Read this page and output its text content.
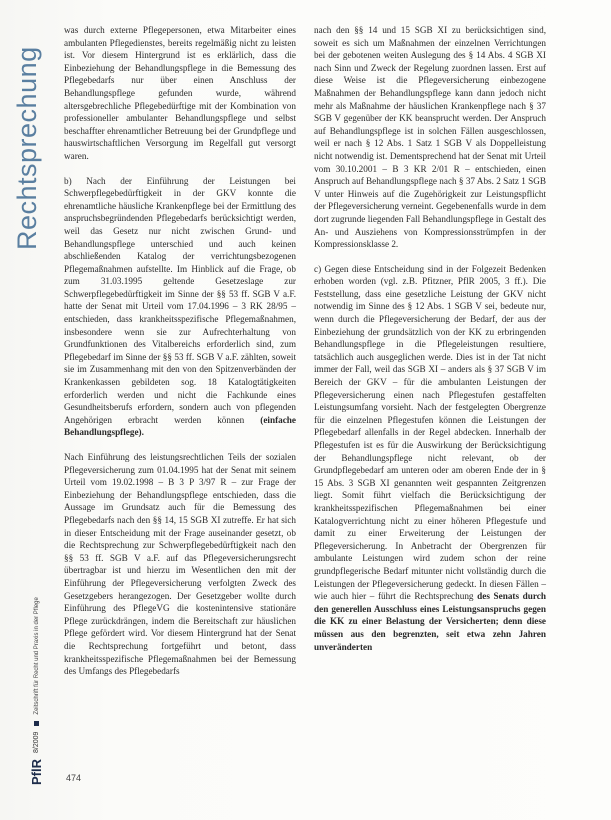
Rechtsprechung
PflR
8/2009
Zeitschrift für Recht und Praxis in der Pflege

was durch externe Pflegepersonen, etwa Mitarbeiter eines ambulanten Pflegedienstes, bereits regelmäßig nicht zu leisten ist. Vor diesem Hintergrund ist es erklärlich, dass die Einbeziehung der Behandlungspflege in die Bemessung des Pflegebedarfs nur über einen Anschluss der Behandlungspflege gefunden wurde, während altersgebrechliche Pflegebedürftige mit der Kombination von professioneller ambulanter Behandlungspflege und selbst beschaffter ehrenamtlicher Betreuung bei der Grundpflege und hauswirtschaftlichen Versorgung im Regelfall gut versorgt waren.

b) Nach der Einführung der Leistungen bei Schwerpflegebedürftigkeit in der GKV konnte die ehrenamtliche häusliche Krankenpflege bei der Ermittlung des anspruchsbegründenden Pflegebedarfs berücksichtigt werden, weil das Gesetz nur nicht zwischen Grund- und Behandlungspflege unterschied und auch keinen abschließenden Katalog der verrichtungsbezogenen Pflegemaßnahmen aufstellte. Im Hinblick auf die Frage, ob zum 31.03.1995 geltende Gesetzeslage zur Schwerpflegebedürftigkeit im Sinne der §§ 53 ff. SGB V a.F. hatte der Senat mit Urteil vom 17.04.1996 – 3 RK 28/95 – entschieden, dass krankheitsspezifische Pflegemaßnahmen, insbesondere wenn sie zur Aufrechterhaltung von Grundfunktionen des Vitalbereichs erforderlich sind, zum Pflegebedarf im Sinne der §§ 53 ff. SGB V a.F. zählten, soweit sie im Zusammenhang mit den von den Spitzenverbänden der Krankenkassen gebildeten sog. 18 Katalogtätigkeiten erforderlich werden und nicht die Fachkunde eines Gesundheitsberufs erfordern, sondern auch von pflegenden Angehörigen erbracht werden können (einfache Behandlungspflege).

Nach Einführung des leistungsrechtlichen Teils der sozialen Pflegeversicherung zum 01.04.1995 hat der Senat mit seinem Urteil vom 19.02.1998 – B 3 P 3/97 R – zur Frage der Einbeziehung der Behandlungspflege entschieden, dass die Aussage im Grundsatz auch für die Bemessung des Pflegebedarfs nach den §§ 14, 15 SGB XI zutreffe. Er hat sich in dieser Entscheidung mit der Frage auseinander gesetzt, ob die Rechtsprechung zur Schwerpflegebedürftigkeit nach den §§ 53 ff. SGB V a.F. auf das Pflegeversicherungsrecht übertragbar ist und hierzu im Wesentlichen den mit der Einführung der Pflegeversicherung verfolgten Zweck des Gesetzgebers herangezogen. Der Gesetzgeber wollte durch Einführung des PflegeVG die kostenintensive stationäre Pflege zurückdrängen, indem die Bereitschaft zur häuslichen Pflege gefördert wird. Vor diesem Hintergrund hat der Senat die Rechtsprechung fortgeführt und betont, dass krankheitsspezifische Pflegemaßnahmen bei der Bemessung des Umfangs des Pflegebedarfs

nach den §§ 14 und 15 SGB XI zu berücksichtigen sind, soweit es sich um Maßnahmen der einzelnen Verrichtungen bei der gebotenen weiten Auslegung des § 14 Abs. 4 SGB XI nach Sinn und Zweck der Regelung zuordnen lassen. Erst auf diese Weise ist die Pflegeversicherung einbezogene Maßnahmen der Behandlungspflege kann dann jedoch nicht mehr als Maßnahme der häuslichen Krankenpflege nach § 37 SGB V gegenüber der KK beansprucht werden. Der Anspruch auf Behandlungspflege ist in solchen Fällen ausgeschlossen, weil er nach § 12 Abs. 1 Satz 1 SGB V als Doppelleistung nicht notwendig ist. Dementsprechend hat der Senat mit Urteil vom 30.10.2001 – B 3 KR 2/01 R – entschieden, einen Anspruch auf Behandlungspflege nach § 37 Abs. 2 Satz 1 SGB V unter Hinweis auf die Zugehörigkeit zur Leistungspflicht der Pflegeversicherung verneint. Gegebenenfalls wurde in dem dort zugrunde liegenden Fall Behandlungspflege in Gestalt des An- und Ausziehens von Kompressionsstrümpfen in der Kompressionsklasse 2.

c) Gegen diese Entscheidung sind in der Folgezeit Bedenken erhoben worden (vgl. z.B. Pfitzner, PflR 2005, 3 ff.). Die Feststellung, dass eine gesetzliche Leistung der GKV nicht notwendig im Sinne des § 12 Abs. 1 SGB V sei, bedeute nur, wenn durch die Pflegeversicherung der Bedarf, der aus der Einbeziehung der grundsätzlich von der KK zu erbringenden Behandlungspflege in die Pflegeleistungen resultiere, tatsächlich auch ausgeglichen werde. Dies ist in der Tat nicht immer der Fall, weil das SGB XI – anders als § 37 SGB V im Bereich der GKV – für die ambulanten Leistungen der Pflegeversicherung einen nach Pflegestufen gestaffelten Leistungsumfang vorsieht. Nach der festgelegten Obergrenze für die einzelnen Pflegestufen können die Leistungen der Pflegebedarf allenfalls in der Regel abdecken. Innerhalb der Pflegestufen ist es für die Auswirkung der Berücksichtigung der Behandlungspflege nicht relevant, ob der Grundpflegebedarf am unteren oder am oberen Ende der in § 15 Abs. 3 SGB XI genannten weit gespannten Zeitgrenzen liegt. Somit führt vielfach die Berücksichtigung der krankheitsspezifischen Pflegemaßnahmen bei einer Katalogverrichtung nicht zu einer höheren Pflegestufe und damit zu einer Erweiterung der Leistungen der Pflegeversicherung. In Anbetracht der Obergrenzen für ambulante Leistungen wird zudem schon der reine grundpflegerische Bedarf mitunter nicht vollständig durch die Leistungen der Pflegeversicherung gedeckt. In diesen Fällen – wie auch hier – führt die Rechtsprechung des Senats durch den generellen Ausschluss eines Leistungsanspruchs gegen die KK zu einer Belastung der Versicherten; denn diese müssen aus den begrenzten, seit etwa zehn Jahren unveränderten

474
